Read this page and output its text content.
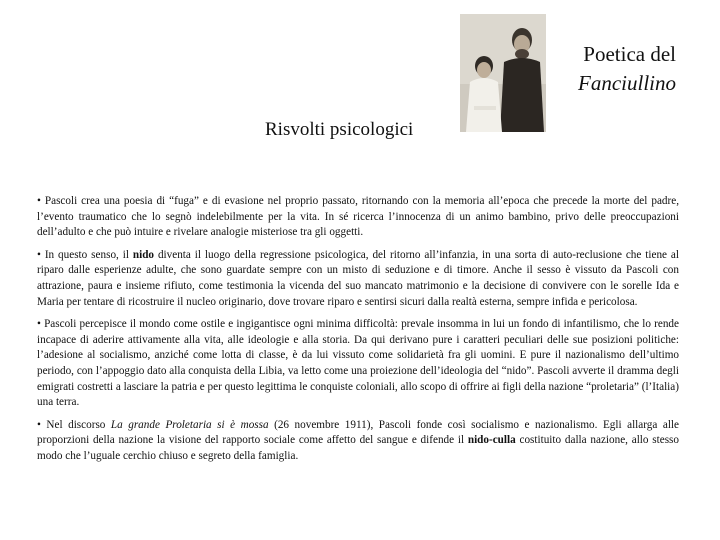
Poetica del
Fanciullino
Risvolti psicologici

• Pascoli crea una poesia di “fuga” e di evasione nel proprio passato, ritornando con la memoria all’epoca che precede la morte del padre, l’evento traumatico che lo segnò indelebilmente per la vita. In sé ricerca l’innocenza di un animo bambino, privo delle preoccupazioni dell’adulto e che può intuire e rivelare analogie misteriose tra gli oggetti.

• In questo senso, il nido diventa il luogo della regressione psicologica, del ritorno all’infanzia, in una sorta di auto-reclusione che tiene al riparo dalle esperienze adulte, che sono guardate sempre con un misto di seduzione e di timore. Anche il sesso è vissuto da Pascoli con attrazione, paura e insieme rifiuto, come testimonia la vicenda del suo mancato matrimonio e la decisione di convivere con le sorelle Ida e Maria per tentare di ricostruire il nucleo originario, dove trovare riparo e sentirsi sicuri dalla realtà esterna, sempre infida e pericolosa.

• Pascoli percepisce il mondo come ostile e ingigantisce ogni minima difficoltà: prevale insomma in lui un fondo di infantilismo, che lo rende incapace di aderire attivamente alla vita, alle ideologie e alla storia. Da qui derivano pure i caratteri peculiari delle sue posizioni politiche: l’adesione al socialismo, anziché come lotta di classe, è da lui vissuto come solidarietà fra gli uomini. E pure il nazionalismo dell’ultimo periodo, con l’appoggio dato alla conquista della Libia, va letto come una proiezione dell’ideologia del “nido”. Pascoli avverte il dramma degli emigrati costretti a lasciare la patria e per questo legittima le conquiste coloniali, allo scopo di offrire ai figli della nazione “proletaria” (l’Italia) una terra.

• Nel discorso La grande Proletaria si è mossa (26 novembre 1911), Pascoli fonde così socialismo e nazionalismo. Egli allarga alle proporzioni della nazione la visione del rapporto sociale come affetto del sangue e difende il nido-culla costituito dalla nazione, allo stesso modo che l’uguale cerchio chiuso e segreto della famiglia.
